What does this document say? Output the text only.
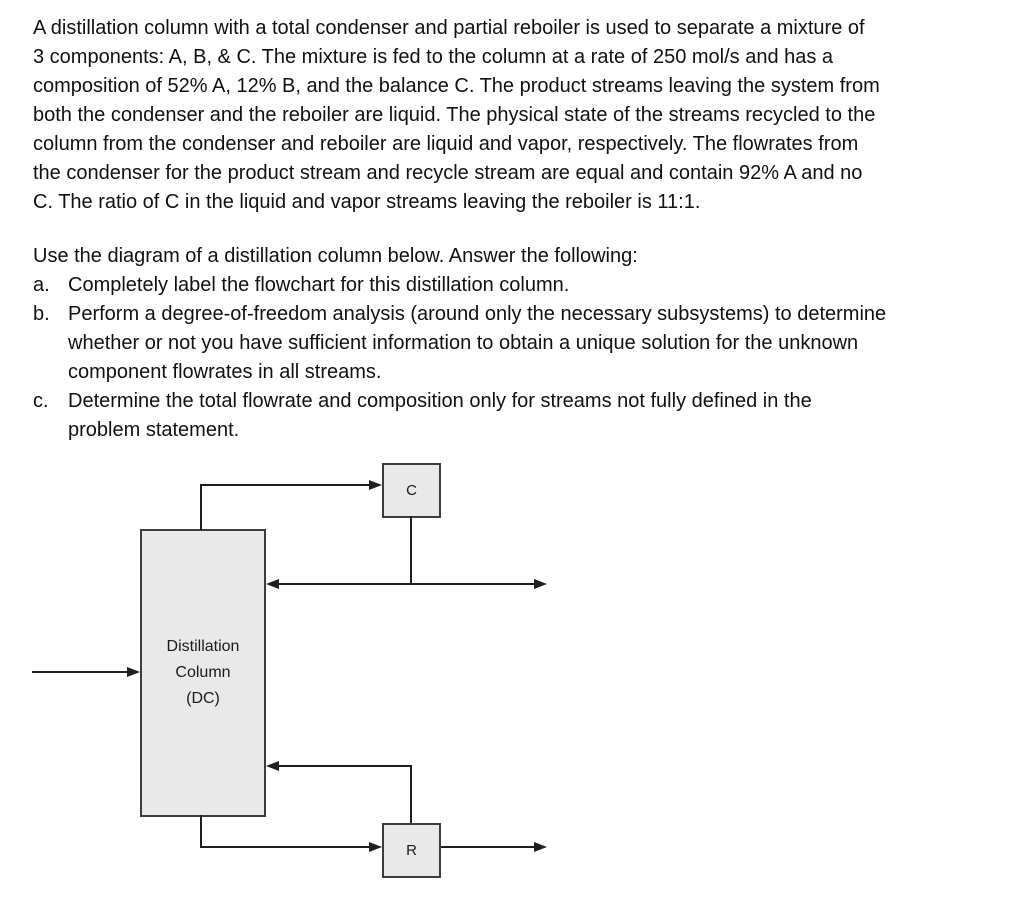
A distillation column with a total condenser and partial reboiler is used to separate a mixture of
3 components: A, B, & C. The mixture is fed to the column at a rate of 250 mol/s and has a
composition of 52% A, 12% B, and the balance C. The product streams leaving the system from
both the condenser and the reboiler are liquid. The physical state of the streams recycled to the
column from the condenser and reboiler are liquid and vapor, respectively. The flowrates from
the condenser for the product stream and recycle stream are equal and contain 92% A and no
C. The ratio of C in the liquid and vapor streams leaving the reboiler is 11:1.
Use the diagram of a distillation column below. Answer the following:
a. Completely label the flowchart for this distillation column.
b. Perform a degree-of-freedom analysis (around only the necessary subsystems) to determine
whether or not you have sufficient information to obtain a unique solution for the unknown
component flowrates in all streams.
c. Determine the total flowrate and composition only for streams not fully defined in the
problem statement.
Distillation
Column
(DC)
C
R
